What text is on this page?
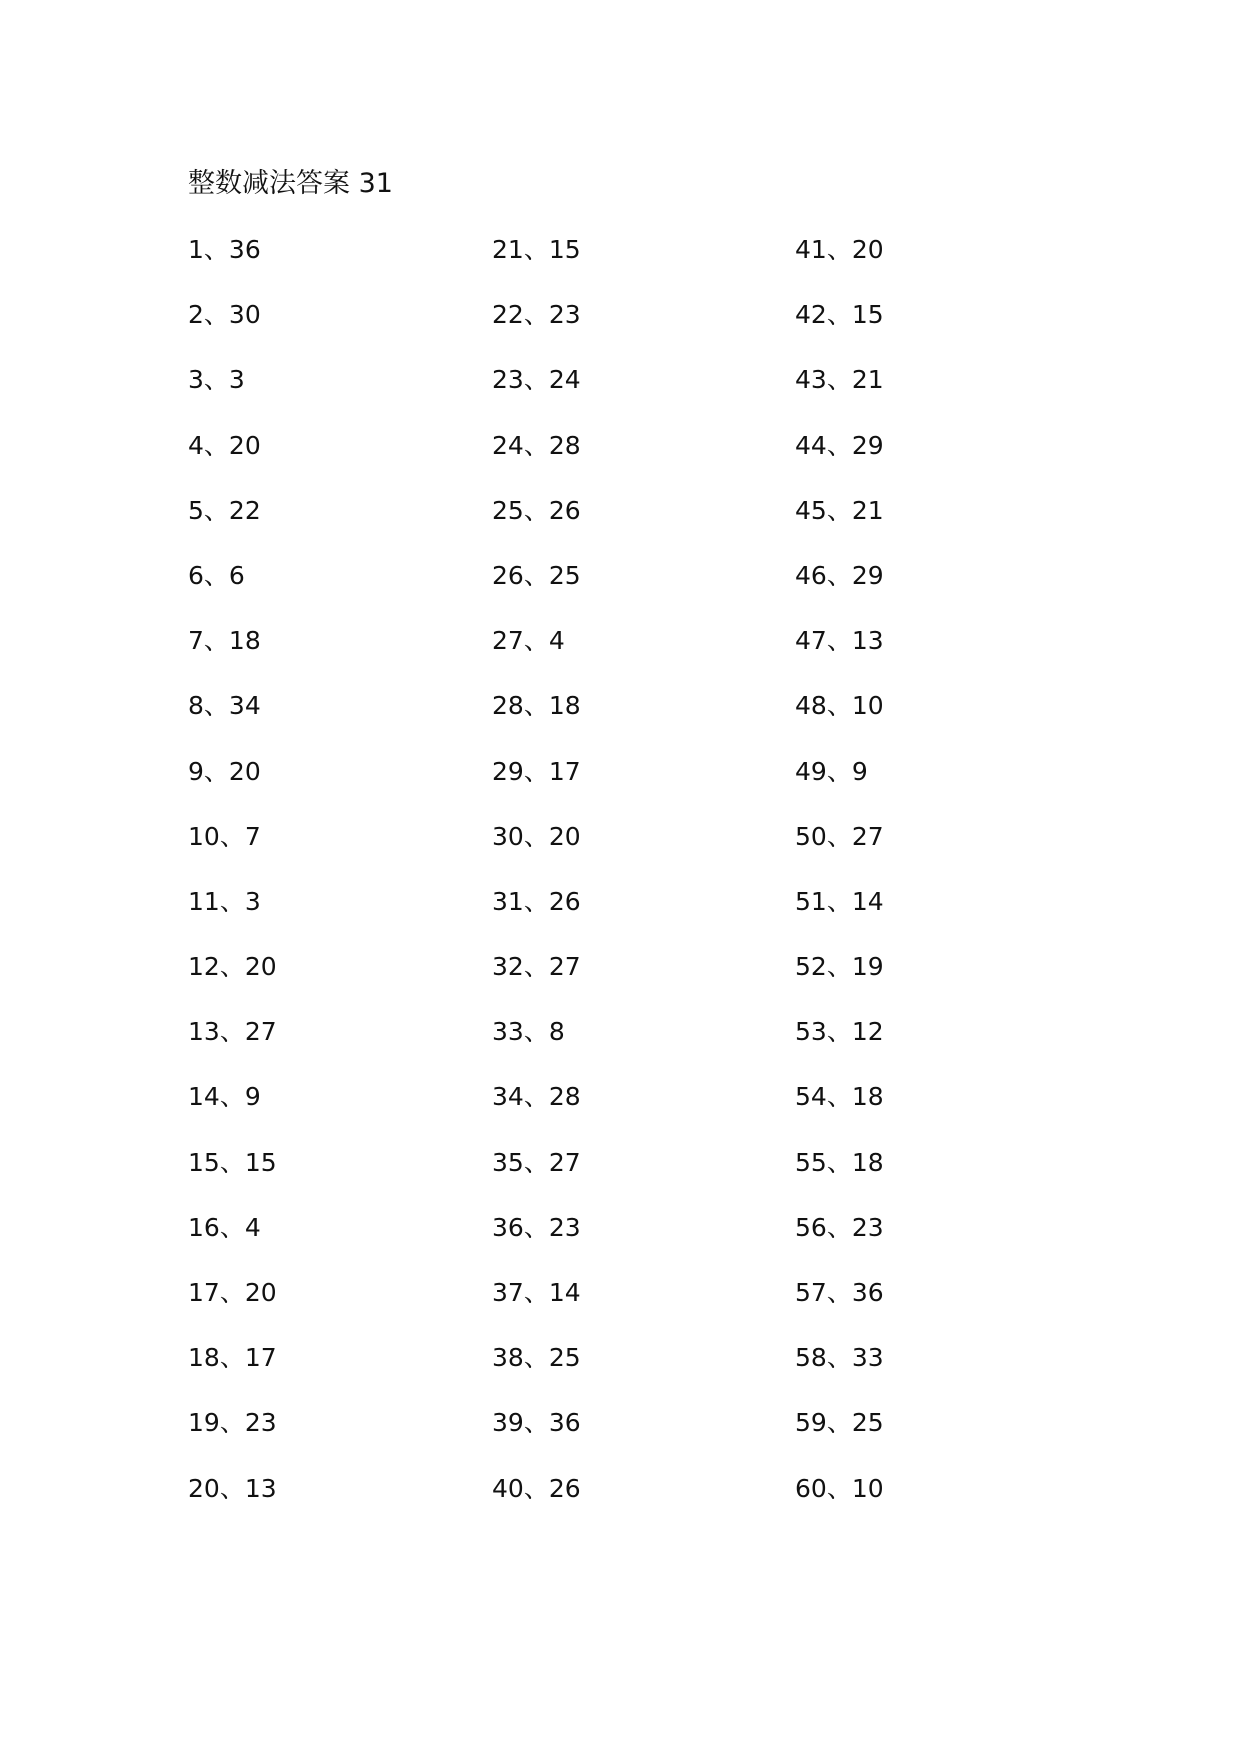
整数减法答案 31
1、36
2、30
3、3
4、20
5、22
6、6
7、18
8、34
9、20
10、7
11、3
12、20
13、27
14、9
15、15
16、4
17、20
18、17
19、23
20、13
21、15
22、23
23、24
24、28
25、26
26、25
27、4
28、18
29、17
30、20
31、26
32、27
33、8
34、28
35、27
36、23
37、14
38、25
39、36
40、26
41、20
42、15
43、21
44、29
45、21
46、29
47、13
48、10
49、9
50、27
51、14
52、19
53、12
54、18
55、18
56、23
57、36
58、33
59、25
60、10
